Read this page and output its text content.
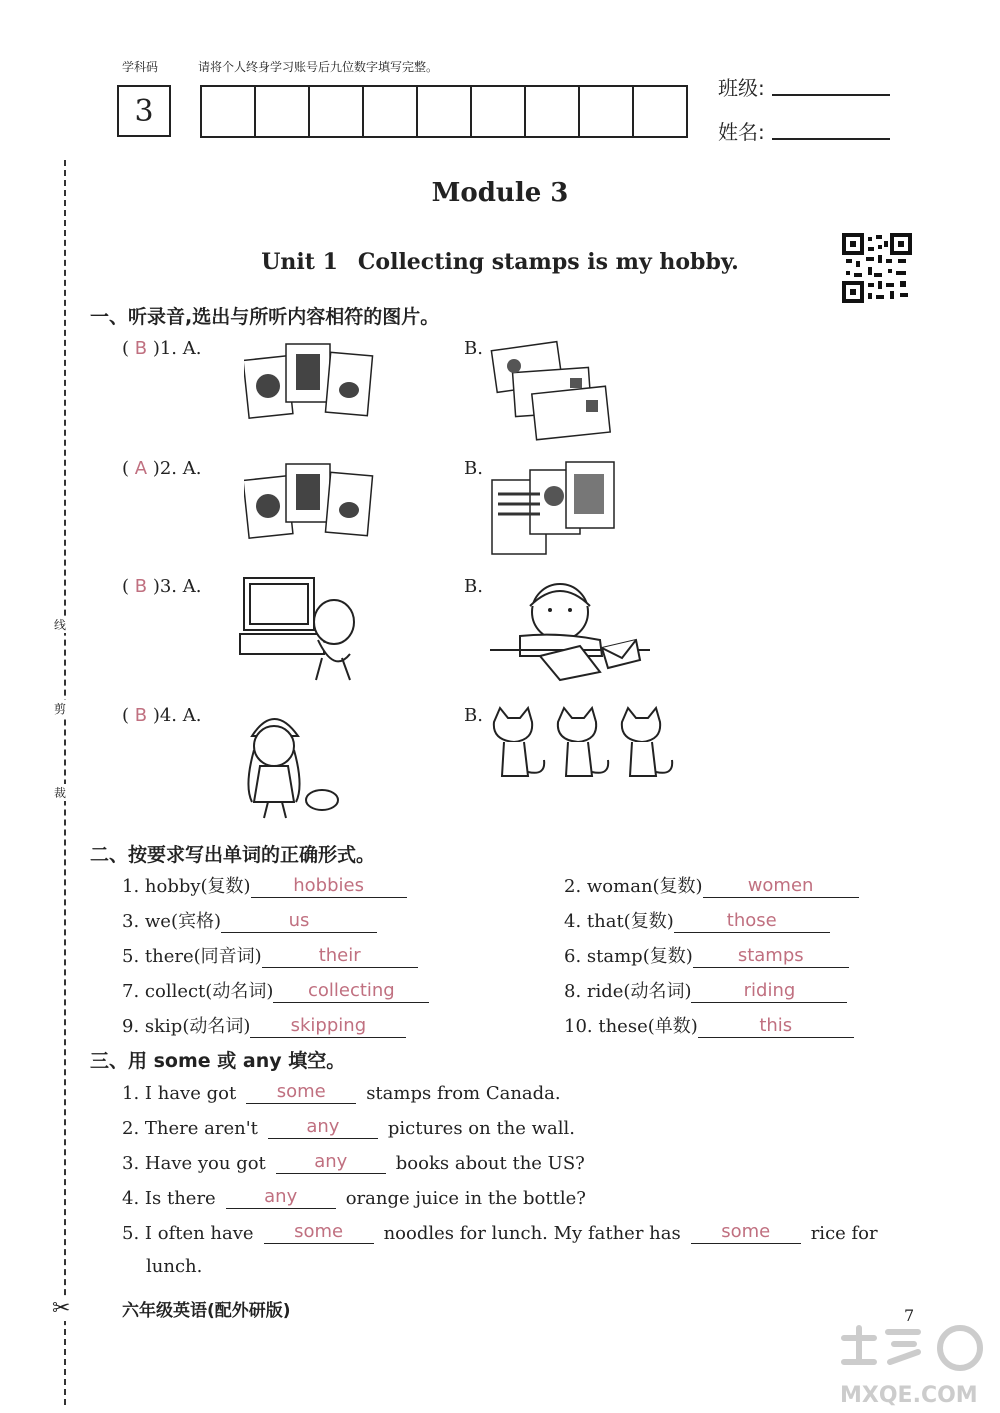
学科码	请将个人终身学习账号后九位数字填写完整。
3
班级:
姓名:
线
剪
裁
✂
Module 3
Unit 1 Collecting stamps is my hobby.
一、听录音,选出与所听内容相符的图片。
( B )1. A.	B.
( A )2. A.	B.
( B )3. A.	B.
( B )4. A.	B.
二、按要求写出单词的正确形式。
1. hobby(复数)	hobbies	2. woman(复数)	women
3. we(宾格)	us	4. that(复数)	those
5. there(同音词)	their	6. stamp(复数)	stamps
7. collect(动名词)	collecting	8. ride(动名词)	riding
9. skip(动名词)	skipping	10. these(单数)	this
三、用 some 或 any 填空。
1. I have got	some	stamps from Canada.
2. There aren't	any	pictures on the wall.
3. Have you got	any	books about the US?
4. Is there	any	orange juice in the bottle?
5. I often have	some	noodles for lunch. My father has	some	rice for
lunch.
六年级英语(配外研版)	7
MXQE.COM
